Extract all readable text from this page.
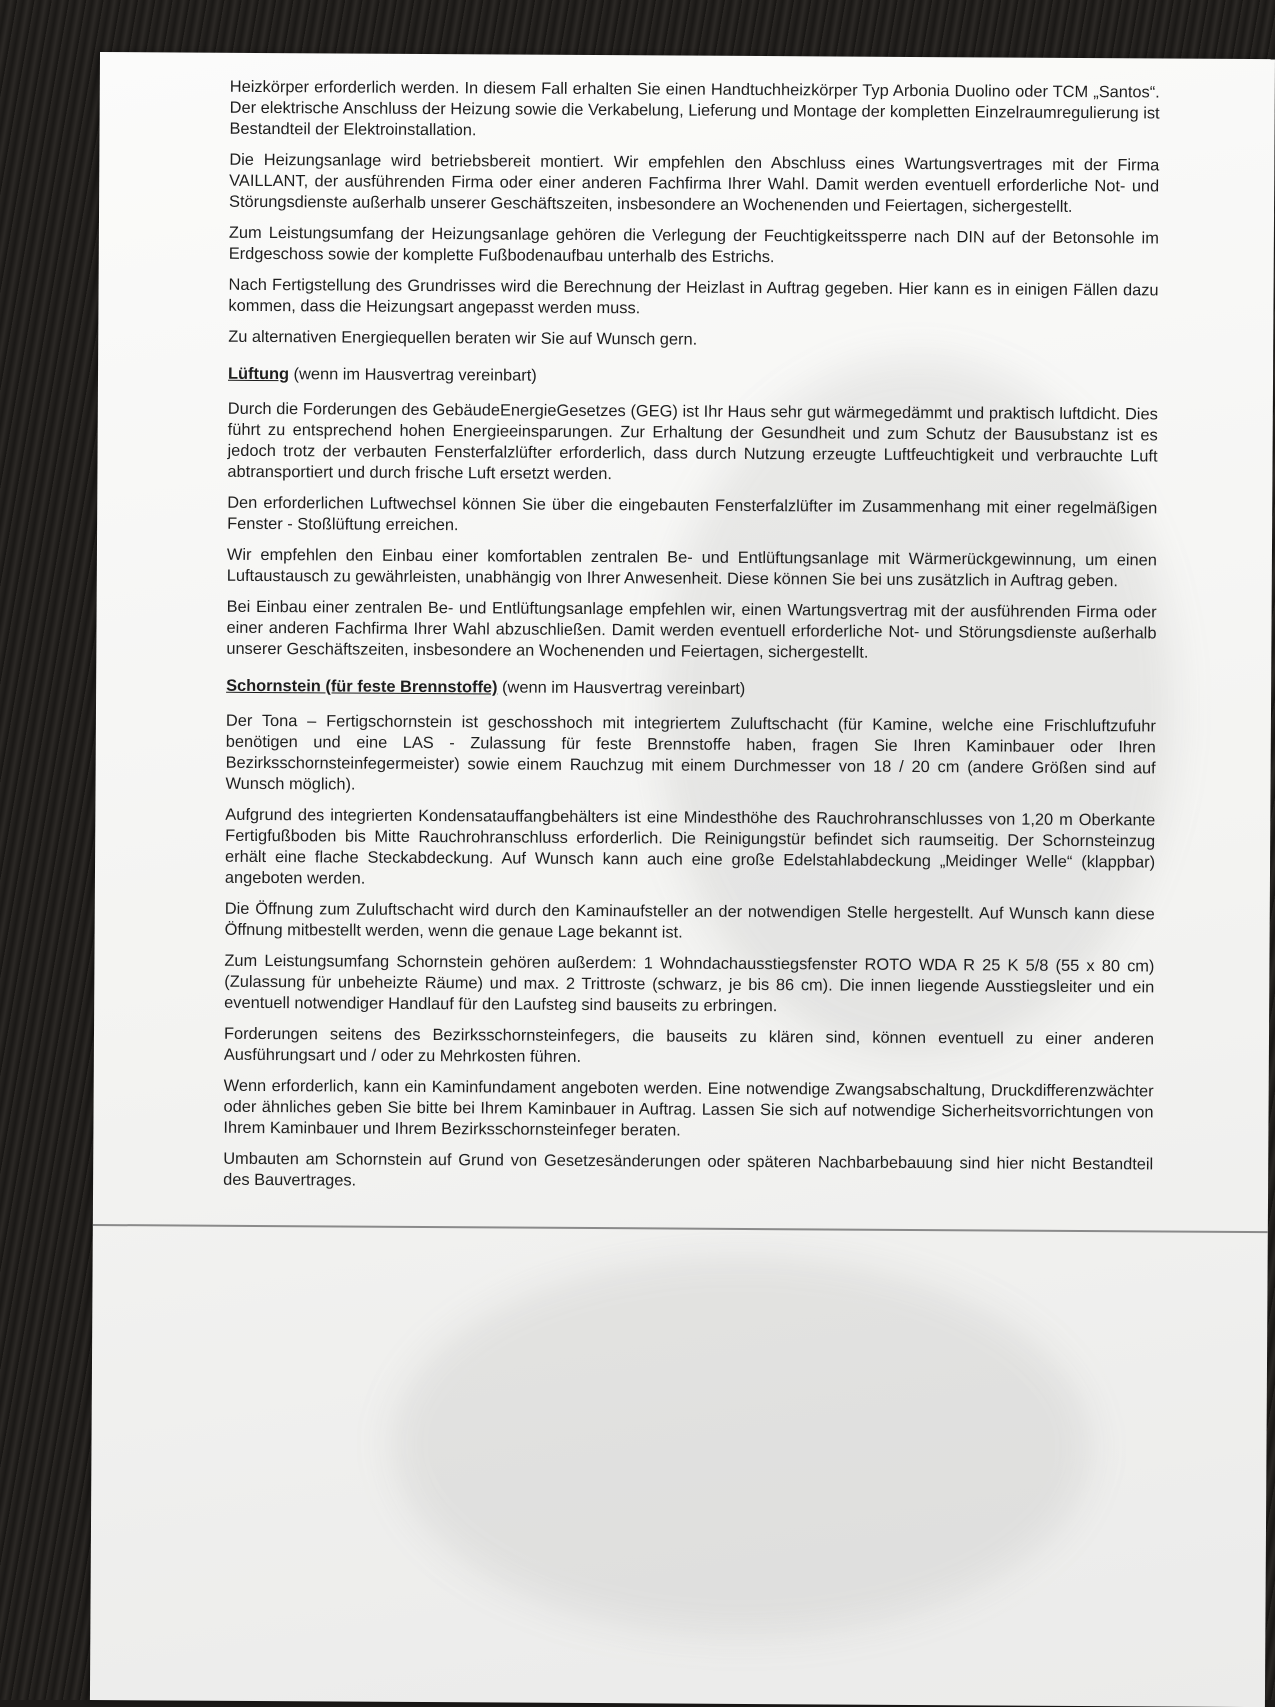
Heizkörper erforderlich werden. In diesem Fall erhalten Sie einen Handtuchheizkörper Typ Arbonia Duolino oder TCM „Santos“. Der elektrische Anschluss der Heizung sowie die Verkabelung, Lieferung und Montage der kompletten Einzelraumregulierung ist Bestandteil der Elektroinstallation.

Die Heizungsanlage wird betriebsbereit montiert. Wir empfehlen den Abschluss eines Wartungsvertrages mit der Firma VAILLANT, der ausführenden Firma oder einer anderen Fachfirma Ihrer Wahl. Damit werden eventuell erforderliche Not- und Störungsdienste außerhalb unserer Geschäftszeiten, insbesondere an Wochenenden und Feiertagen, sichergestellt.

Zum Leistungsumfang der Heizungsanlage gehören die Verlegung der Feuchtigkeitssperre nach DIN auf der Betonsohle im Erdgeschoss sowie der komplette Fußbodenaufbau unterhalb des Estrichs.

Nach Fertigstellung des Grundrisses wird die Berechnung der Heizlast in Auftrag gegeben. Hier kann es in einigen Fällen dazu kommen, dass die Heizungsart angepasst werden muss.

Zu alternativen Energiequellen beraten wir Sie auf Wunsch gern.

Lüftung (wenn im Hausvertrag vereinbart)

Durch die Forderungen des GebäudeEnergieGesetzes (GEG) ist Ihr Haus sehr gut wärmegedämmt und praktisch luftdicht. Dies führt zu entsprechend hohen Energieeinsparungen. Zur Erhaltung der Gesundheit und zum Schutz der Bausubstanz ist es jedoch trotz der verbauten Fensterfalzlüfter erforderlich, dass durch Nutzung erzeugte Luftfeuchtigkeit und verbrauchte Luft abtransportiert und durch frische Luft ersetzt werden.

Den erforderlichen Luftwechsel können Sie über die eingebauten Fensterfalzlüfter im Zusammenhang mit einer regelmäßigen Fenster - Stoßlüftung erreichen.

Wir empfehlen den Einbau einer komfortablen zentralen Be- und Entlüftungsanlage mit Wärmerückgewinnung, um einen Luftaustausch zu gewährleisten, unabhängig von Ihrer Anwesenheit. Diese können Sie bei uns zusätzlich in Auftrag geben.

Bei Einbau einer zentralen Be- und Entlüftungsanlage empfehlen wir, einen Wartungsvertrag mit der ausführenden Firma oder einer anderen Fachfirma Ihrer Wahl abzuschließen. Damit werden eventuell erforderliche Not- und Störungsdienste außerhalb unserer Geschäftszeiten, insbesondere an Wochenenden und Feiertagen, sichergestellt.

Schornstein (für feste Brennstoffe) (wenn im Hausvertrag vereinbart)

Der Tona – Fertigschornstein ist geschosshoch mit integriertem Zuluftschacht (für Kamine, welche eine Frischluftzufuhr benötigen und eine LAS - Zulassung für feste Brennstoffe haben, fragen Sie Ihren Kaminbauer oder Ihren Bezirksschornsteinfegermeister) sowie einem Rauchzug mit einem Durchmesser von 18 / 20 cm (andere Größen sind auf Wunsch möglich).

Aufgrund des integrierten Kondensatauffangbehälters ist eine Mindesthöhe des Rauchrohranschlusses von 1,20 m Oberkante Fertigfußboden bis Mitte Rauchrohranschluss erforderlich. Die Reinigungstür befindet sich raumseitig. Der Schornsteinzug erhält eine flache Steckabdeckung. Auf Wunsch kann auch eine große Edelstahlabdeckung „Meidinger Welle“ (klappbar) angeboten werden.

Die Öffnung zum Zuluftschacht wird durch den Kaminaufsteller an der notwendigen Stelle hergestellt. Auf Wunsch kann diese Öffnung mitbestellt werden, wenn die genaue Lage bekannt ist.

Zum Leistungsumfang Schornstein gehören außerdem: 1 Wohndachausstiegsfenster ROTO WDA R 25 K 5/8 (55 x 80 cm) (Zulassung für unbeheizte Räume) und max. 2 Trittroste (schwarz, je bis 86 cm). Die innen liegende Ausstiegsleiter und ein eventuell notwendiger Handlauf für den Laufsteg sind bauseits zu erbringen.

Forderungen seitens des Bezirksschornsteinfegers, die bauseits zu klären sind, können eventuell zu einer anderen Ausführungsart und / oder zu Mehrkosten führen.

Wenn erforderlich, kann ein Kaminfundament angeboten werden. Eine notwendige Zwangsabschaltung, Druckdifferenzwächter oder ähnliches geben Sie bitte bei Ihrem Kaminbauer in Auftrag. Lassen Sie sich auf notwendige Sicherheitsvorrichtungen von Ihrem Kaminbauer und Ihrem Bezirksschornsteinfeger beraten.

Umbauten am Schornstein auf Grund von Gesetzesänderungen oder späteren Nachbarbebauung sind hier nicht Bestandteil des Bauvertrages.
